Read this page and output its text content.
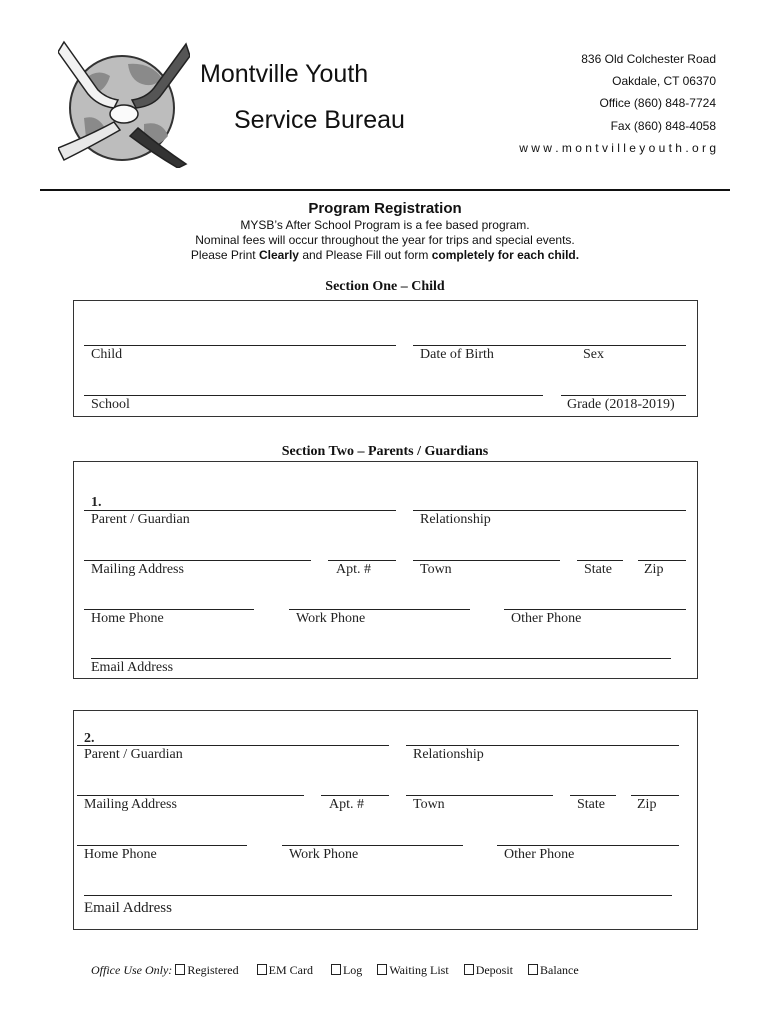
Montville Youth
Service Bureau
836 Old Colchester Road
Oakdale, CT 06370
Office (860) 848-7724
Fax (860) 848-4058
w w w . m o n t v i l l e y o u t h . o r g
Program Registration
MYSB’s After School Program is a fee based program.
Nominal fees will occur throughout the year for trips and special events.
Please Print Clearly and Please Fill out form completely for each child.
Section One – Child
Child	Date of Birth	Sex
School	Grade (2018-2019)
Section Two – Parents / Guardians
1.
Parent / Guardian	Relationship
Mailing Address	Apt. #	Town	State Zip
Home Phone	Work Phone	Other Phone
Email Address
2.
Parent / Guardian	Relationship
Mailing Address	Apt. #	Town	State Zip
Home Phone	Work Phone	Other Phone
Email Address
Office Use Only: Registered	EM Card	Log Waiting List Deposit Balance
